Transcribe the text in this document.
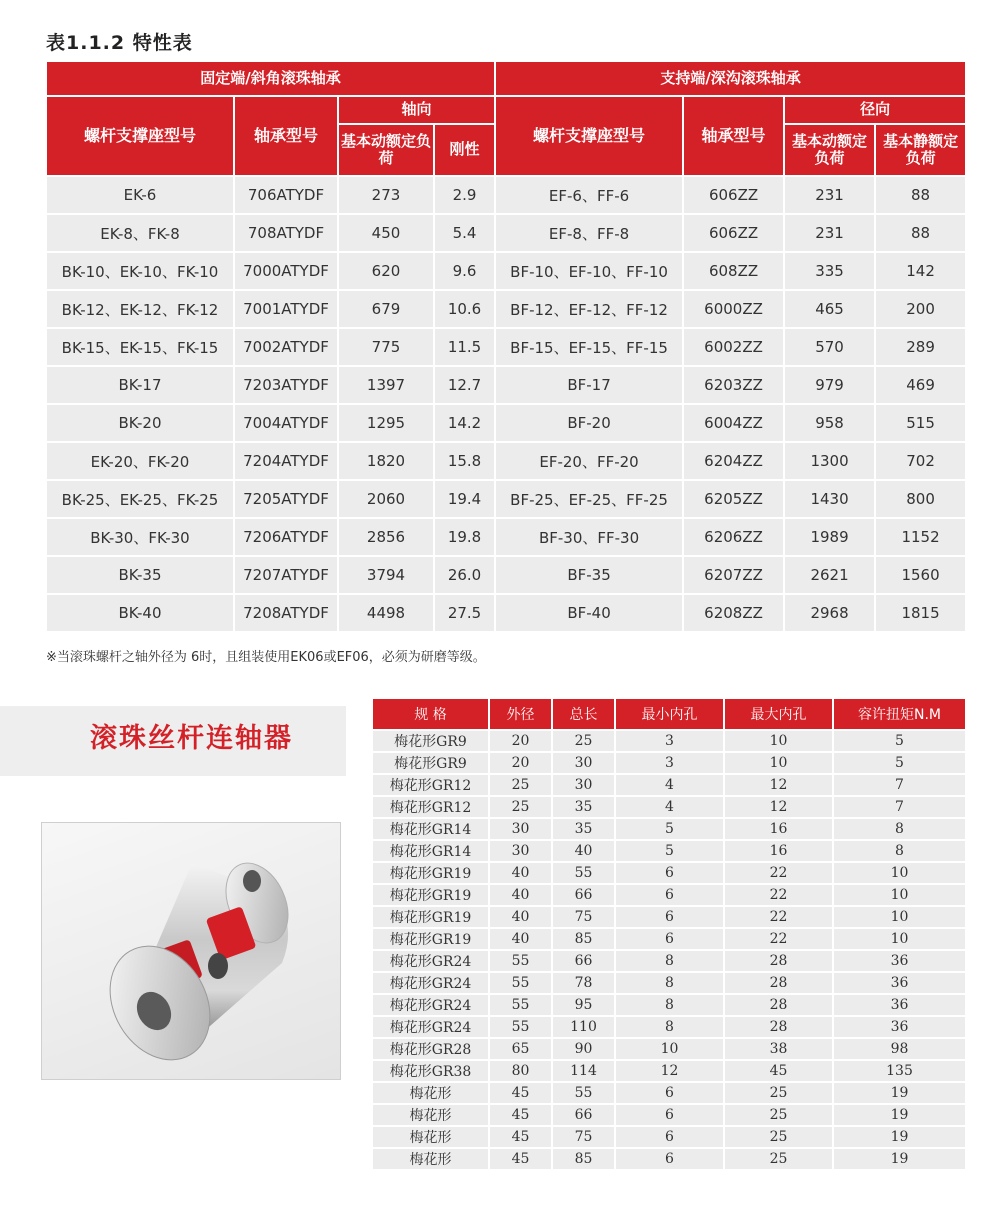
表1.1.2 特性表
固定端/斜角滚珠轴承				支持端/深沟滚珠轴承			
螺杆支撑座型号	轴承型号	轴向		螺杆支撑座型号	轴承型号	径向	
		基本动额定负荷	刚性			基本动额定负荷	基本静额定负荷
EK-6	706ATYDF	273	2.9	EF-6、FF-6	606ZZ	231	88
EK-8、FK-8	708ATYDF	450	5.4	EF-8、FF-8	606ZZ	231	88
BK-10、EK-10、FK-10	7000ATYDF	620	9.6	BF-10、EF-10、FF-10	608ZZ	335	142
BK-12、EK-12、FK-12	7001ATYDF	679	10.6	BF-12、EF-12、FF-12	6000ZZ	465	200
BK-15、EK-15、FK-15	7002ATYDF	775	11.5	BF-15、EF-15、FF-15	6002ZZ	570	289
BK-17	7203ATYDF	1397	12.7	BF-17	6203ZZ	979	469
BK-20	7004ATYDF	1295	14.2	BF-20	6004ZZ	958	515
EK-20、FK-20	7204ATYDF	1820	15.8	EF-20、FF-20	6204ZZ	1300	702
BK-25、EK-25、FK-25	7205ATYDF	2060	19.4	BF-25、EF-25、FF-25	6205ZZ	1430	800
BK-30、FK-30	7206ATYDF	2856	19.8	BF-30、FF-30	6206ZZ	1989	1152
BK-35	7207ATYDF	3794	26.0	BF-35	6207ZZ	2621	1560
BK-40	7208ATYDF	4498	27.5	BF-40	6208ZZ	2968	1815
※当滚珠螺杆之轴外径为 6时，且组装使用EK06或EF06，必须为研磨等级。
滚珠丝杆连轴器
规 格	外径	总长	最小内孔	最大内孔	容许扭矩N.M
梅花形GR9	20	25	3	10	5
梅花形GR9	20	30	3	10	5
梅花形GR12	25	30	4	12	7
梅花形GR12	25	35	4	12	7
梅花形GR14	30	35	5	16	8
梅花形GR14	30	40	5	16	8
梅花形GR19	40	55	6	22	10
梅花形GR19	40	66	6	22	10
梅花形GR19	40	75	6	22	10
梅花形GR19	40	85	6	22	10
梅花形GR24	55	66	8	28	36
梅花形GR24	55	78	8	28	36
梅花形GR24	55	95	8	28	36
梅花形GR24	55	110	8	28	36
梅花形GR28	65	90	10	38	98
梅花形GR38	80	114	12	45	135
梅花形	45	55	6	25	19
梅花形	45	66	6	25	19
梅花形	45	75	6	25	19
梅花形	45	85	6	25	19
